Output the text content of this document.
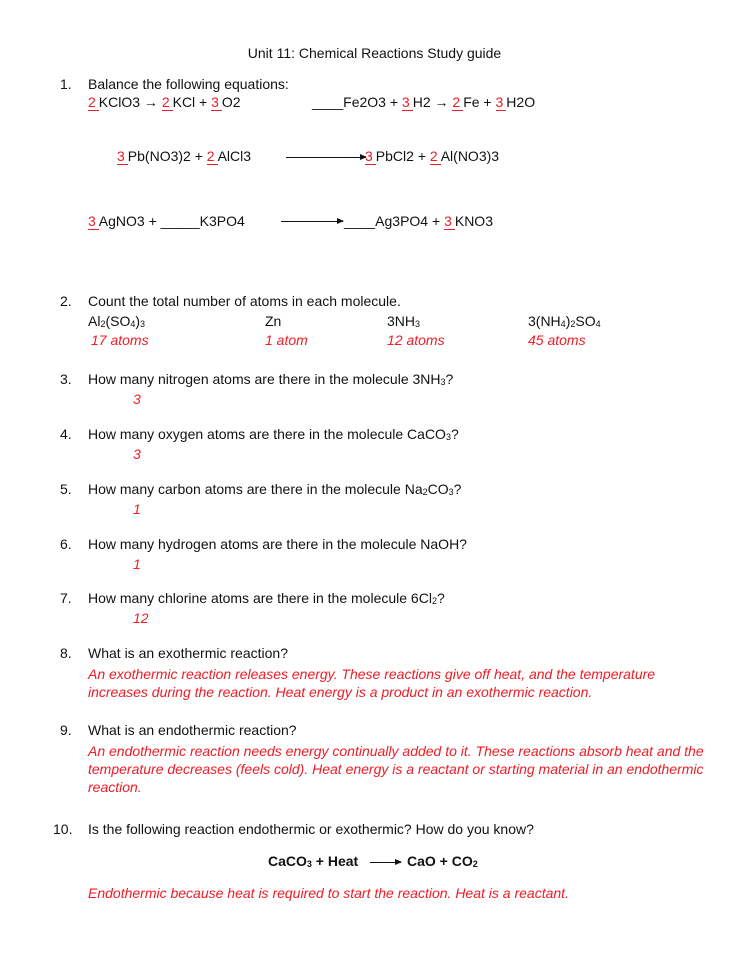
Unit 11: Chemical Reactions Study guide
1. Balance the following equations:
2 KClO3 → 2 KCl + 3 O2	____Fe2O3 + 3 H2 → 2 Fe + 3 H2O
3Pb(NO3)2 + 2 AlCl3	3 PbCl2 + 2 Al(NO3)3
3AgNO3 + _____K3PO4	____Ag3PO4 + 3 KNO3
2. Count the total number of atoms in each molecule.
$Al_2(SO_4)_3$	Zn	$3NH_3$	$3(NH_4)_2SO_4$
17 atoms	1 atom	12 atoms	45 atoms
3. How many nitrogen atoms are there in the molecule $3NH_3$?
3
4. How many oxygen atoms are there in the molecule CaCO$_3$?
3
5. How many carbon atoms are there in the molecule $Na_2CO_3$?
1
6. How many hydrogen atoms are there in the molecule NaOH?
1
7. How many chlorine atoms are there in the molecule $6Cl_2$?
12
8. What is an exothermic reaction?
An exothermic reaction releases energy. These reactions give off heat, and the temperature increases during the reaction. Heat energy is a product in an exothermic reaction.
9. What is an endothermic reaction?
An endothermic reaction needs energy continually added to it. These reactions absorb heat and the temperature decreases (feels cold). Heat energy is a reactant or starting material in an endothermic reaction.
10. Is the following reaction endothermic or exothermic? How do you know?
CaCO$_3$ + Heat	CaO + $CO_2$
Endothermic because heat is required to start the reaction. Heat is a reactant.
